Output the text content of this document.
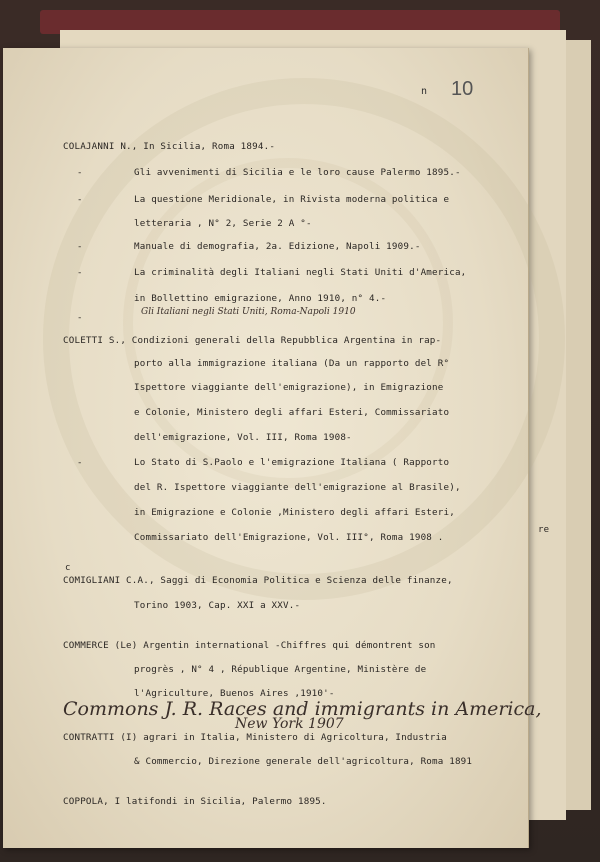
n 10
COLAJANNI N., In Sicilia, Roma 1894.-
-	Gli avvenimenti di Sicilia e le loro cause Palermo 1895.-
-	La questione Meridionale, in Rivista moderna politica e
letteraria , N° 2, Serie 2 A °-
-	Manuale di demografia, 2a. Edizione, Napoli 1909.-
-	La criminalità degli Italiani negli Stati Uniti d'America,
in Bollettino emigrazione, Anno 1910, n° 4.-
-
Gli Italiani negli Stati Uniti, Roma-Napoli 1910
COLETTI S., Condizioni generali della Repubblica Argentina in rap-
porto alla immigrazione italiana (Da un rapporto del R°
Ispettore viaggiante dell'emigrazione), in Emigrazione
e Colonie, Ministero degli affari Esteri, Commissariato
dell'emigrazione, Vol. III, Roma 1908-
-	Lo Stato di S.Paolo e l'emigrazione Italiana ( Rapporto
del R. Ispettore viaggiante dell'emigrazione al Brasile),
in Emigrazione e Colonie ,Ministero degli affari Esteri,
Commissariato dell'Emigrazione, Vol. III°, Roma 1908 .
c
COMIGLIANI C.A., Saggi di Economia Politica e Scienza delle finanze,
Torino 1903, Cap. XXI a XXV.-
COMMERCE (Le) Argentin international -Chiffres qui démontrent son
progrès , N° 4 , République Argentine, Ministère de
l'Agriculture, Buenos Aires ,1910'-
Commons J. R. Races and immigrants in America,
New York 1907
CONTRATTI (I) agrari in Italia, Ministero di Agricoltura, Industria
& Commercio, Direzione generale dell'agricoltura, Roma 1891
COPPOLA, I latifondi in Sicilia, Palermo 1895.
re
